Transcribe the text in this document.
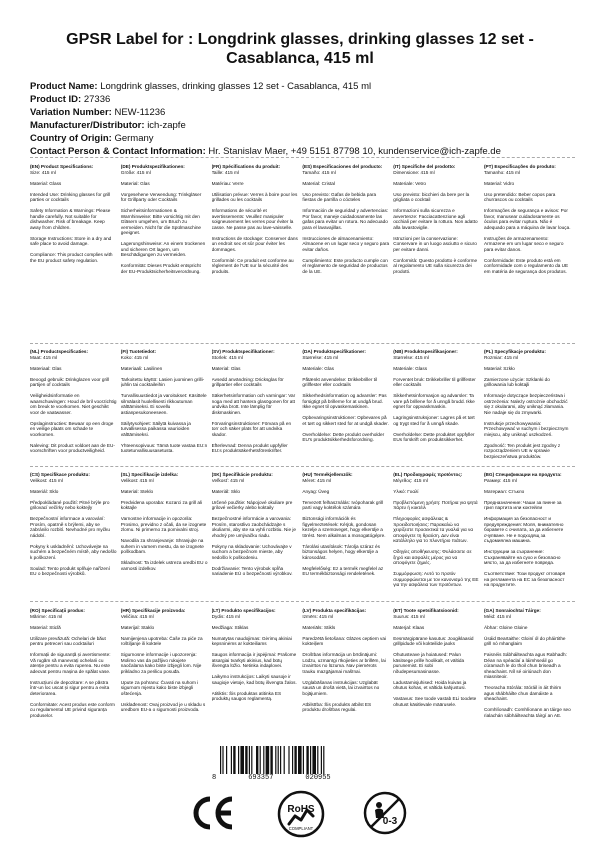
GPSR Label for : Longdrink glasses, drinking glasses 12 set -
Casablanca, 415 ml
Product Name: Longdrink glasses, drinking glasses 12 set - Casablanca, 415 ml
Product ID: 27336
Variation Number: NEW-11236
Manufacturer/Distributor: ich-zapfe
Country of Origin: Germany
Contact Person & Contact Information: Hr. Stanislav Maer, +49 5151 87798 10, kundenservice@ich-zapfe.de
(EN) Product Specifications:
Size: 415 ml

Material: Glass

Intended Use: Drinking glasses for grill parties or cocktails

Safety Information & Warnings: Please handle carefully. Not suitable for dishwasher. Risk of breakage. Keep away from children.

Storage Instructions: Store in a dry and safe place to avoid damage.

Compliance: This product complies with the EU product safety regulation.
(DE) Produktspezifikationen:
Größe: 415 ml

Material: Glas

Vorgesehene Verwendung: Trinkgläser für Grillparty oder Cocktails

Sicherheitsinformationen & Warnhinweise: Bitte vorsichtig mit den Gläsern umgehen, um Bruch zu vermeiden. Nicht für die Spülmaschine geeignet.

Lagerungshinweise: An einem trockenen und sicheren Ort lagern, um Beschädigungen zu vermeiden.

Konformität: Dieses Produkt entspricht der EU-Produktsicherheitsverordnung.
(FR) Spécifications du produit:
Taille: 415 ml

Matériau: Verre

Utilisation prévue: Verres à boire pour les grillades ou les cocktails

Informations de sécurité et avertissements: Veuillez manipuler soigneusement les verres pour éviter la casse. Ne passe pas au lave-vaisselle.

Instructions de stockage: Conserver dans un endroit sec et sûr pour éviter les dommages.

Conformité: Ce produit est conforme au règlement de l'UE sur la sécurité des produits.
(ES) Especificaciones del producto:
Tamaño: 415 ml

Material: Cristal

Uso previsto: Gafas de bebida para fiestas de parrilla o cócteles

Información de seguridad y advertencias: Por favor, maneje cuidadosamente las gafas para evitar un rotura. No adecuado para el lavavajillas.

Instrucciones de almacenamiento: Almacene en un lugar seco y seguro para evitar daños.

Cumplimiento: Este producto cumple con el reglamento de seguridad de productos de la UE.
(IT) Specifiche del prodotto:
Dimensione: 415 ml

Materiale: Vetro

Uso previsto: bicchieri da bere per la grigliata o cocktail

Informazioni sulla sicurezza e avvertenze: Facciacattenzione agli occhiali per evitare la rottura. Non adatto alla lavastoviglie.

Istruzioni per la conservazione: Conservare in un luogo asciutto e sicuro per evitare danni.

Conformità: Questo prodotto è conforme al regolamento UE sulla sicurezza dei prodotti.
(PT) Especificações do produto:
Tamanho: 415 ml

Material: Vidro

Uso pretendido: Beber copos para churrascos ou cocktails

Informações de segurança e avisos: Por favor, manusear cuidadosamente os óculos para evitar ruptura. Não é adequado para a máquina de lavar louça.

Instruções de armazenamento: Armazene em um lugar seco e seguro para evitar danos.

Conformidade: Este produto está em conformidade com o regulamento da UE em matéria de segurança dos produtos.
(NL) Productspecificaties:
Maat: 415 ml

Materiaal: Glas

Beoogd gebruik: Drinkglazen voor grill partijen of cocktails

Veiligheidsinformatie en waarschuwingen: Houd de bril voorzichtig om breuk te voorkomen. Niet geschikt voor de vaatwasser.

Opslaginstructies: Bewaar op een droge en veilige plaats om schade te voorkomen.

Naleving: Dit product voldoet aan de EU-voorschriften voor productveiligheid.
(FI) Tuotetiedot:
Koko: 415 ml

Materiaali: Lasilinen

Tarkoitettu käyttö: Lasien juominen grilli-juhlin tai cocktaileihin

Turvallisuustiedot ja varoitukset: Käsittele silmälasit huolellisesti rikkoutuman välttämiseksi. Ei sovellu astianpesukoneeseen.

Säilytysohjeet: Säilytä kuivassa ja turvallisessa paikassa vaurioiden välttämiseksi.

Yhteensopivuus: Tämä tuote vastaa EU:n tuoteturvallisuusasetusta.
(SV) Produktspecifikationer:
Storlek: 415 ml

Material: Glas

Avsedd användning: Dricksglas för grillpartier eller cocktails

Säkerhetsinformation och varningar: Var noga med att hantera glasögonen för att undvika brott. Inte lämplig för diskmaskinen.

Förvaringsinstruktioner: Förvara på en torr och säker plats för att undvika skador.

Efterlevnad: Denna produkt uppfyller EU:s produktsäkerhetsföreskrifter.
(DA) Produktspecifikationer:
Størrelse: 415 ml

Materiale: Glas

Påtænkt anvendelse: Drikkebriller til grillfester eller cocktails

Sikkerhedsinformation og advarsler: Pas forsigtigt på brillerne for at undgå brud. Ikke egnet til opvaskemaskinen.

Opbevaringsinstruktioner: Opbevares på et tørt og sikkert sted for at undgå skader.

Overholdelse: Dette produkt overholder EU's produktsikkerhedsforordning.
(NB) Produktspesifikasjoner:
Størrelse: 415 ml

Materiale: Glass

Forventet bruk: Drikkebriller til grillfester eller cocktails

Sikkerhetsinformasjon og advarsler: Ta vare på brillene for å unngå brudd. Ikke egnet for oppvaskmaskin.

Lagringsinstruksjoner: Lagres på et tørt og trygt sted for å unngå skade.

Overholdelse: Dette produktet oppfyller EUs forskrift om produktsikkerhet.
(PL) Specyfikacje produktu:
Rozmiar: 415 ml

Materiał: Szkło

Zamierzone użycie: Szklanki do grillowania lub koktajli

Informacje dotyczące bezpieczeństwa i ostrzeżenia: Należy ostrożnie obchodzić się z okularami, aby uniknąć złamania. Nie nadaje się do zmywarki.

Instrukcje przechowywania: Przechowywać w suchym i bezpiecznym miejscu, aby uniknąć uszkodzeń.

Zgodność: Ten produkt jest zgodny z rozporządzeniem UE w sprawie bezpieczeństwa produktów.
(CS) Specifikace produktu:
Velikost: 415 ml

Materiál: Sklo

Předpokládané použití: Pitné brýle pro grilovací večírky nebo koktejly

Bezpečnostní informace a varování: Prosím, opatrně s brýlemi, aby se zabránilo rozbití. Nevhodné pro myčku nádobí.

Pokyny k uskladnění: Uchovávejte na suchém a bezpečném místě, aby nedošlo k poškození.

Soulad: Tento produkt splňuje nařízení EU o bezpečnosti výrobků.
(SL) Specifikacije izdelka:
Velikost: 415 ml

Material: Steklo

Predvidena uporaba: Kozarci za grill ali koktajle

Varnostne informacije in opozorila: Prosimo, previdno z očali, da se izognete zlomu. Ni primerno za pomivalni stroj.

Navodila za shranjevanje: Shranjujte na suhem in varnem mestu, da se izognete poškodbam.

Skladnost: Ta izdelek ustreza uredbi EU o varnosti izdelkov.
(SK) Špecifikácie produktu:
Veľkosť: 415 ml

Materiál: Sklo

Určené použitie: Nápojové okuliare pre grilové večierky alebo koktaily

Bezpečnostné informácie a varovania: Prosím, starostlivo zaobchádzajte s okuliarmi, aby ste sa vyhli rozbitiu. Nie je vhodný pre umývačku riadu.

Pokyny na skladovanie: Uchovávajte v suchom a bezpečnom mieste, aby nedošlo k poškodeniu.

Dodržiavanie: Tento výrobok spĺňa nariadenie EÚ o bezpečnosti výrobkov.
(HU) Termékjellemzők:
Méret: 415 ml

Anyag: Üveg

Tervezett felhasználás: Ivópoharak grill parti vagy koktélok számára

Biztonsági információk és figyelmeztetések: Kérjük, gondosan kezelje a szemüveget, hogy elkerülje a törést. Nem alkalmas a mosogatógépre.

Tárolási utasítások: Tárolja száraz és biztonságos helyen, hogy elkerülje a károsodást.

Megfelelőség: Ez a termék megfelel az EU termékbiztonsági rendeletének.
(EL) Προδιαγραφές προϊόντος:
Μέγεθος: 415 ml

Υλικό: Γυαλί

Προβλεπόμενη χρήση: Ποτήρια για ψητά πάρτυ ή κοκτέιλ

Πληροφορίες ασφάλειας & προειδοποιήσεις: Παρακαλώ να χειρίζεστε προσεκτικά τα γυαλιά για να αποφύγετε τη θραύση. Δεν είναι κατάλληλο για το πλυντήριο πιάτων.

Οδηγίες αποθήκευσης: Φυλάσσετε σε ξηρό και ασφαλές μέρος για να αποφύγετε ζημιές.

Συμμόρφωση: Αυτό το προϊόν συμμορφώνεται με τον κανονισμό της ΕΕ για την ασφάλεια των προϊόντων.
(BG) Спецификации на продукта:
Размер: 415 ml

Материал: Стъкло

Предназначение: Чаши за пиене за грил партита или коктейли

Информация за безопасност и предупреждения: Моля, внимателно боравете с очилата, за да избегнете счупване. Не е подходящ за съдомиялна машина.

Инструкции за съхранение: Съхранявайте на сухо и безопасно място, за да избегнете повреда.

Съответствие: Този продукт отговаря на регламента на ЕС за безопасност на продуктите.
(RO) Specificații produs:
Mărime: 415 ml

Material: Sticlă

Utilizare prevăzută: Ochelari de băut pentru petreceri sau cocktailuri

Informații de siguranță și avertismente: Vă rugăm să manevrați ochelarii cu atenție pentru a evita ruperea. Nu este adecvat pentru mașina de spălat vase.

Instrucțiuni de depozitare: A se păstra într-un loc uscat și sigur pentru a evita deteriorarea.

Conformitate: Acest produs este conform cu regulamentul UE privind siguranța produselor.
(HR) Specifikacije proizvoda:
Veličina: 415 ml

Materijal: Staklo

Namijenjena upotreba: Čaše za piće za roštiljanje ili koktele

Sigurnosne informacije i upozorenja: Molimo vas da pažljivo rukujete naočalama kako biste izbjegli lom. Nije prikladno za perilicu posuđa.

Upute za pohranu: Čuvati na suhom i sigurnom mjestu kako biste izbjegli oštećenja.

Usklađenost: Ovaj proizvod je u skladu s uredbom EU-a o sigurnosti proizvoda.
(LT) Produkto specifikacijos:
Dydis: 415 ml

Medžiaga: Stiklas

Numatytas naudojimas: Gėrimų akiniai kepsninėms ar kokteiliams

Saugos informacija ir įspėjimai: Prašome atsargiai tvarkyti akinius, kad būtų išvengta lūžio. Netinka indaplovei.

Laikymo instrukcijos: Laikyti sausoje ir saugioje vietoje, kad būtų išvengta žalos.

Atitiktis: Šis produktas atitinka ES produktų saugos reglamentą.
(LV) Produkta specifikācijas:
Izmērs: 415 ml

Materiāls: Stikls

Paredzētā lietošana: Glāzes ceptiem vai kokteiļiem

Drošības informācija un brīdinājumi: Lūdzu, uzmanīgi rīkojieties ar brillēm, lai izvairītos no lūzuma. Nav piemērots trauku mazgājamai mašīnai.

Uzglabāšanas instrukcijas: Uzglabāt sausā un drošā vietā, lai izvairītos no bojājumiem.

Atbilstība: Šis produkts atbilst ES produktu drošības regulai.
(ET) Toote spetsifikatsioonid:
Suurus: 415 ml

Materjal: Klaas

Eesmärgipärane kasutus: Joogiklaasid grillpidude või kokteilide jaoks

Ohutusteave ja hoiatused: Palun käsitsege prille hoolikalt, et vältida purunemist. Ei sobi nõudepesumasinasse.

Ladustamisjuhised: Hoida kuivas ja ohutus kohas, et vältida kahjustusi.

Vastavus: See toode vastab ELi toodete ohutust käsitlevale määrusele.
(GA) Sonraíochtaí Táirge:
Méid: 415 ml

Ábhar: Gloine Gloine

Úsáid Beartaithe: Gloiní ól do pháirtithe grill nó mhanglaim

Faisnéis Sábháilteachta agus Rabhadh: Déan na spéaclaí a láimhseáil go cúramach le do thoil chun briseadh a sheachaint. Níl sé oiriúnach don miasniteoir.

Treoracha Stórála: Stóráil in áit thirim agus shábháilte chun damáiste a sheachaint.

Comhlíonadh: Comhlíonann an táirge seo rialachán sábháilteachta táirgí an AE.
8	693357	020955
RoHS
COMPLIANT
0-3
